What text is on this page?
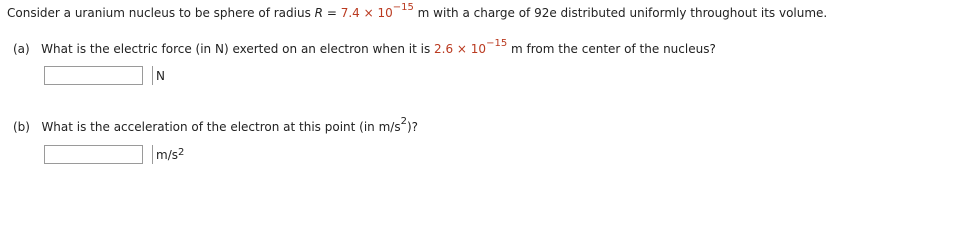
Consider a uranium nucleus to be sphere of radius $R = 7.4 \times 10^{-15}$ m with a charge of 92e distributed uniformly throughout its volume.
(a) What is the electric force (in N) exerted on an electron when it is $2.6 \times 10^{-15}$ m from the center of the nucleus?
N
(b) What is the acceleration of the electron at this point (in $m/s^2$)?
$m/s^2$
